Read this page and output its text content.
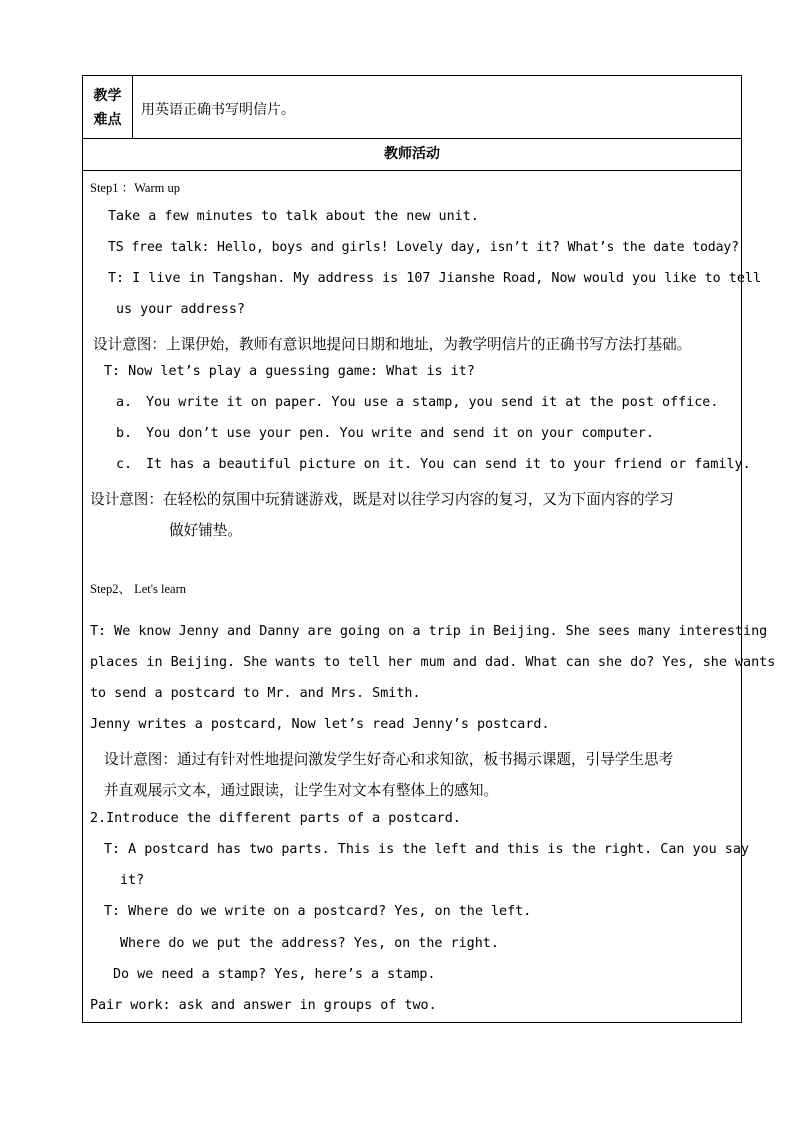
教学
难点
用英语正确书写明信片。
教师活动
Step1 ：Warm up
Take a few minutes to talk about the new unit.
TS free talk: Hello, boys and girls! Lovely day, isn’t it? What’s the date today?
T: I live in Tangshan. My address is 107 Jianshe Road, Now would you like to tell
us your address?
设计意图：上课伊始，教师有意识地提问日期和地址，为教学明信片的正确书写方法打基础。
T: Now let’s play a guessing game: What is it?
a. You write it on paper. You use a stamp, you send it at the post office.
b. You don’t use your pen. You write and send it on your computer.
c. It has a beautiful picture on it. You can send it to your friend or family.
设计意图：在轻松的氛围中玩猜谜游戏，既是对以往学习内容的复习，又为下面内容的学习
做好铺垫。
Step2、 Let's learn
T: We know Jenny and Danny are going on a trip in Beijing. She sees many interesting
places in Beijing. She wants to tell her mum and dad. What can she do? Yes, she wants
to send a postcard to Mr. and Mrs. Smith.
Jenny writes a postcard, Now let’s read Jenny’s postcard.
设计意图：通过有针对性地提问激发学生好奇心和求知欲，板书揭示课题，引导学生思考
并直观展示文本，通过跟读，让学生对文本有整体上的感知。
2.Introduce the different parts of a postcard.
T: A postcard has two parts. This is the left and this is the right. Can you say
it?
T: Where do we write on a postcard? Yes, on the left.
Where do we put the address? Yes, on the right.
Do we need a stamp? Yes, here’s a stamp.
Pair work: ask and answer in groups of two.
